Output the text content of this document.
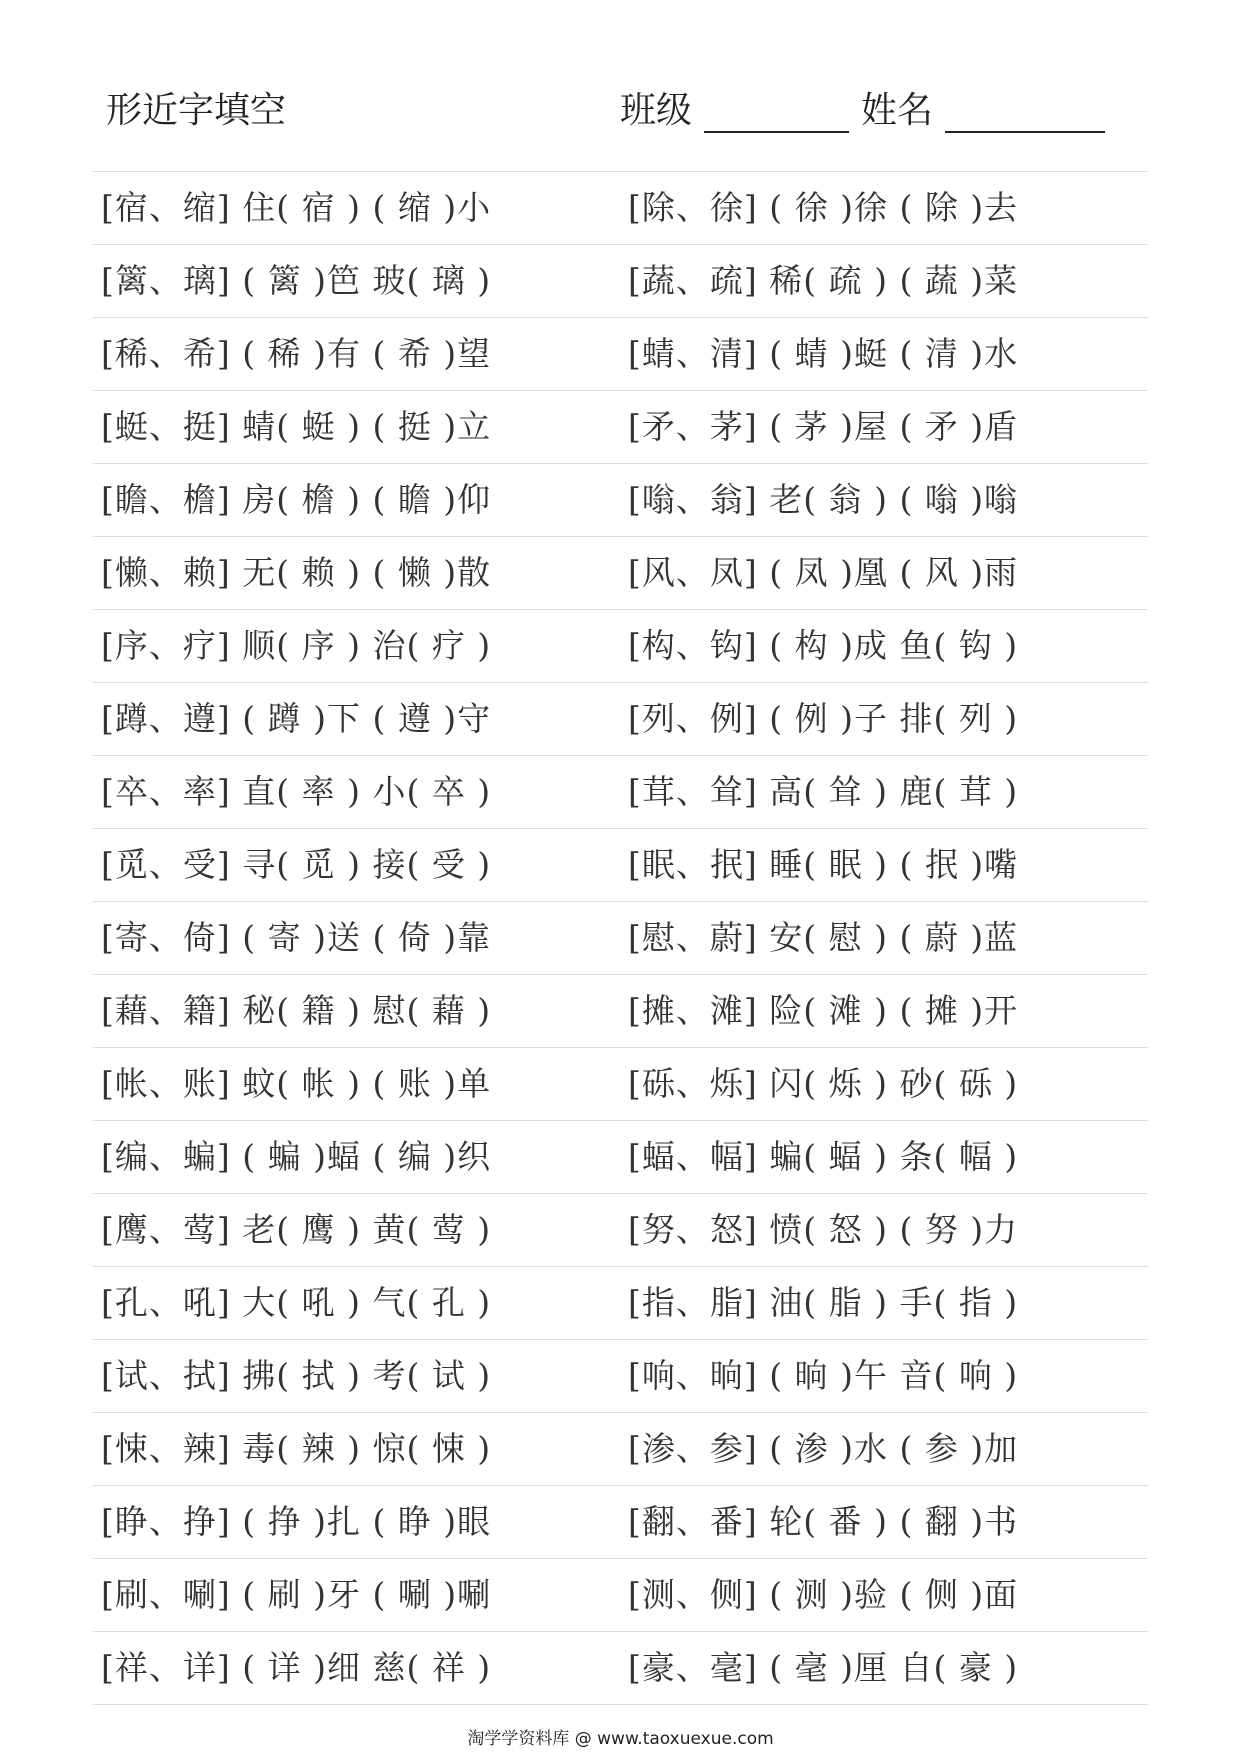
形近字填空	班级	姓名
[宿、缩] 住( 宿 ) ( 缩 )小	[除、徐] ( 徐 )徐 ( 除 )去
[篱、璃] ( 篱 )笆 玻( 璃 )	[蔬、疏] 稀( 疏 ) ( 蔬 )菜
[稀、希] ( 稀 )有 ( 希 )望	[蜻、清] ( 蜻 )蜓 ( 清 )水
[蜓、挺] 蜻( 蜓 ) ( 挺 )立	[矛、茅] ( 茅 )屋 ( 矛 )盾
[瞻、檐] 房( 檐 ) ( 瞻 )仰	[嗡、翁] 老( 翁 ) ( 嗡 )嗡
[懒、赖] 无( 赖 ) ( 懒 )散	[风、凤] ( 凤 )凰 ( 风 )雨
[序、疗] 顺( 序 ) 治( 疗 )	[构、钩] ( 构 )成 鱼( 钩 )
[蹲、遵] ( 蹲 )下 ( 遵 )守	[列、例] ( 例 )子 排( 列 )
[卒、率] 直( 率 ) 小( 卒 )	[茸、耸] 高( 耸 ) 鹿( 茸 )
[觅、受] 寻( 觅 ) 接( 受 )	[眠、抿] 睡( 眠 ) ( 抿 )嘴
[寄、倚] ( 寄 )送 ( 倚 )靠	[慰、蔚] 安( 慰 ) ( 蔚 )蓝
[藉、籍] 秘( 籍 ) 慰( 藉 )	[摊、滩] 险( 滩 ) ( 摊 )开
[帐、账] 蚊( 帐 ) ( 账 )单	[砾、烁] 闪( 烁 ) 砂( 砾 )
[编、蝙] ( 蝙 )蝠 ( 编 )织	[蝠、幅] 蝙( 蝠 ) 条( 幅 )
[鹰、莺] 老( 鹰 ) 黄( 莺 )	[努、怒] 愤( 怒 ) ( 努 )力
[孔、吼] 大( 吼 ) 气( 孔 )	[指、脂] 油( 脂 ) 手( 指 )
[试、拭] 拂( 拭 ) 考( 试 )	[响、晌] ( 晌 )午 音( 响 )
[悚、辣] 毒( 辣 ) 惊( 悚 )	[渗、参] ( 渗 )水 ( 参 )加
[睁、挣] ( 挣 )扎 ( 睁 )眼	[翻、番] 轮( 番 ) ( 翻 )书
[刷、唰] ( 刷 )牙 ( 唰 )唰	[测、侧] ( 测 )验 ( 侧 )面
[祥、详] ( 详 )细 慈( 祥 )	[豪、毫] ( 毫 )厘 自( 豪 )
淘学学资料库 @ www.taoxuexue.com
